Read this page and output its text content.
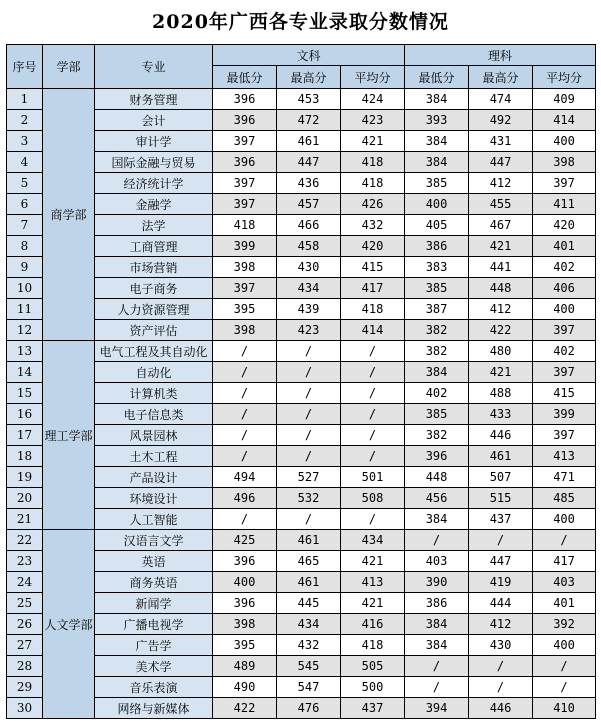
2020年广西各专业录取分数情况
序号	学部	专业	文科			理科		
			最低分	最高分	平均分	最低分	最高分	平均分
1	商学部	财务管理	396	453	424	384	474	409
2		会计	396	472	423	393	492	414
3		审计学	397	461	421	384	431	400
4		国际金融与贸易	396	447	418	384	447	398
5		经济统计学	397	436	418	385	412	397
6		金融学	397	457	426	400	455	411
7		法学	418	466	432	405	467	420
8		工商管理	399	458	420	386	421	401
9		市场营销	398	430	415	383	441	402
10		电子商务	397	434	417	385	448	406
11		人力资源管理	395	439	418	387	412	400
12		资产评估	398	423	414	382	422	397
13	理工学部	电气工程及其自动化	/	/	/	382	480	402
14		自动化	/	/	/	384	421	397
15		计算机类	/	/	/	402	488	415
16		电子信息类	/	/	/	385	433	399
17		风景园林	/	/	/	382	446	397
18		土木工程	/	/	/	396	461	413
19		产品设计	494	527	501	448	507	471
20		环境设计	496	532	508	456	515	485
21		人工智能	/	/	/	384	437	400
22	人文学部	汉语言文学	425	461	434	/	/	/
23		英语	396	465	421	403	447	417
24		商务英语	400	461	413	390	419	403
25		新闻学	396	445	421	386	444	401
26		广播电视学	398	434	416	384	412	392
27		广告学	395	432	418	384	430	400
28		美术学	489	545	505	/	/	/
29		音乐表演	490	547	500	/	/	/
30		网络与新媒体	422	476	437	394	446	410
